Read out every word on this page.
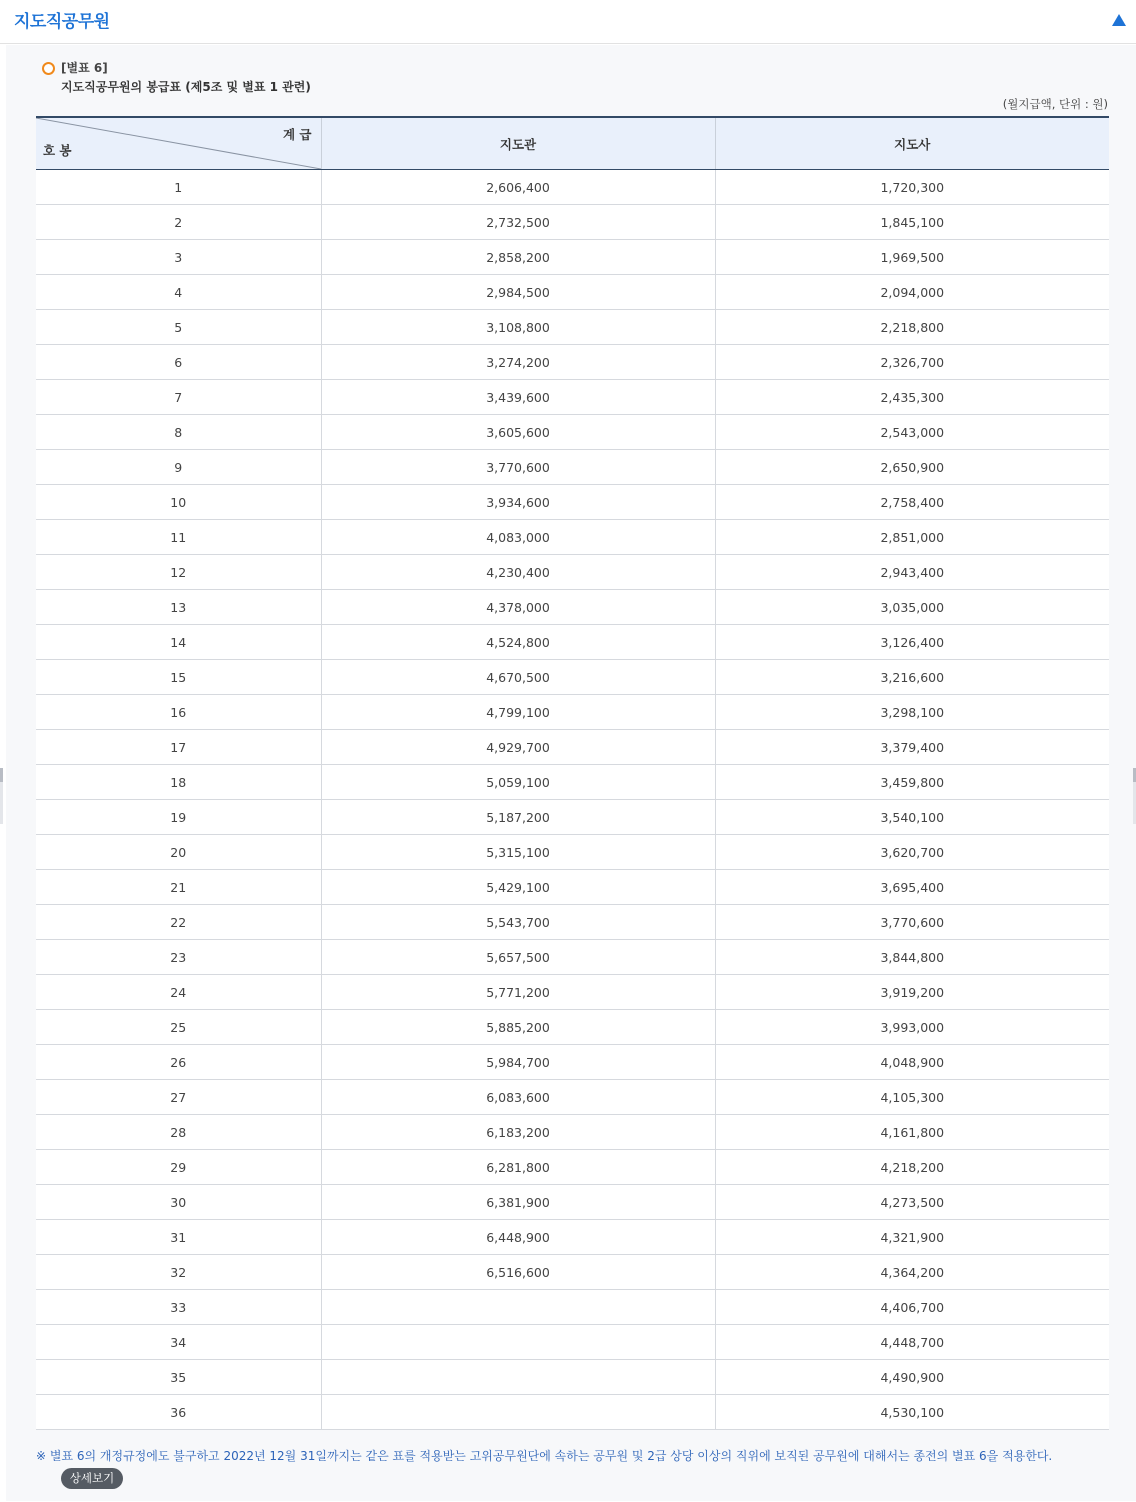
지도직공무원
[별표 6]
지도직공무원의 봉급표 (제5조 및 별표 1 관련)
(월지급액, 단위 : 원)
계 급
호 봉	지도관	지도사
1	2,606,400	1,720,300
2	2,732,500	1,845,100
3	2,858,200	1,969,500
4	2,984,500	2,094,000
5	3,108,800	2,218,800
6	3,274,200	2,326,700
7	3,439,600	2,435,300
8	3,605,600	2,543,000
9	3,770,600	2,650,900
10	3,934,600	2,758,400
11	4,083,000	2,851,000
12	4,230,400	2,943,400
13	4,378,000	3,035,000
14	4,524,800	3,126,400
15	4,670,500	3,216,600
16	4,799,100	3,298,100
17	4,929,700	3,379,400
18	5,059,100	3,459,800
19	5,187,200	3,540,100
20	5,315,100	3,620,700
21	5,429,100	3,695,400
22	5,543,700	3,770,600
23	5,657,500	3,844,800
24	5,771,200	3,919,200
25	5,885,200	3,993,000
26	5,984,700	4,048,900
27	6,083,600	4,105,300
28	6,183,200	4,161,800
29	6,281,800	4,218,200
30	6,381,900	4,273,500
31	6,448,900	4,321,900
32	6,516,600	4,364,200
33		4,406,700
34		4,448,700
35		4,490,900
36		4,530,100
※ 별표 6의 개정규정에도 불구하고 2022년 12월 31일까지는 같은 표를 적용받는 고위공무원단에 속하는 공무원 및 2급 상당 이상의 직위에 보직된 공무원에 대해서는 종전의 별표 6을 적용한다.
상세보기
